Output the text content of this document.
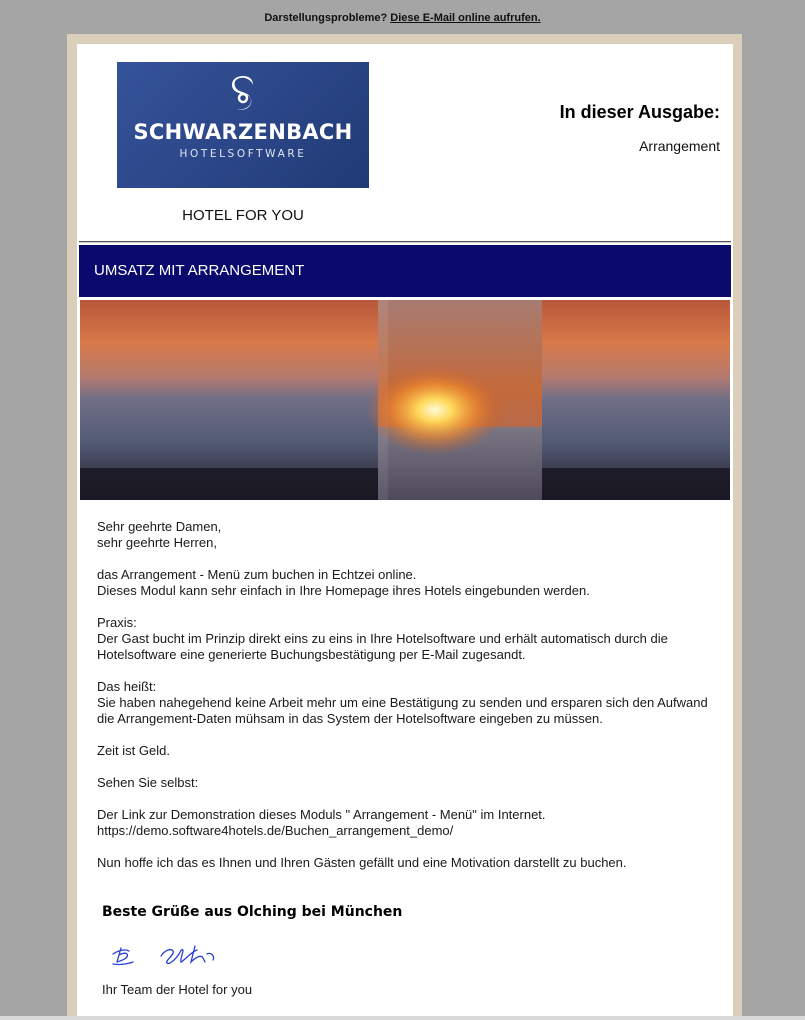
Darstellungsprobleme? Diese E-Mail online aufrufen.
SCHWARZENBACH
HOTELSOFTWARE
HOTEL FOR YOU
In dieser Ausgabe:
Arrangement
UMSATZ MIT ARRANGEMENT

Sehr geehrte Damen,
sehr geehrte Herren,

das Arrangement - Menü zum buchen in Echtzei online.
Dieses Modul kann sehr einfach in Ihre Homepage ihres Hotels eingebunden werden.

Praxis:
Der Gast bucht im Prinzip direkt eins zu eins in Ihre Hotelsoftware und erhält automatisch durch die Hotelsoftware eine generierte Buchungsbestätigung per E-Mail zugesandt.

Das heißt:
Sie haben nahegehend keine Arbeit mehr um eine Bestätigung zu senden und ersparen sich den Aufwand die Arrangement-Daten mühsam in das System der Hotelsoftware eingeben zu müssen.

Zeit ist Geld.

Sehen Sie selbst:

Der Link zur Demonstration dieses Moduls " Arrangement - Menü" im Internet.
https://demo.software4hotels.de/Buchen_arrangement_demo/

Nun hoffe ich das es Ihnen und Ihren Gästen gefällt und eine Motivation darstellt zu buchen.

Beste Grüße aus Olching bei München
Ihr Team der Hotel for you
